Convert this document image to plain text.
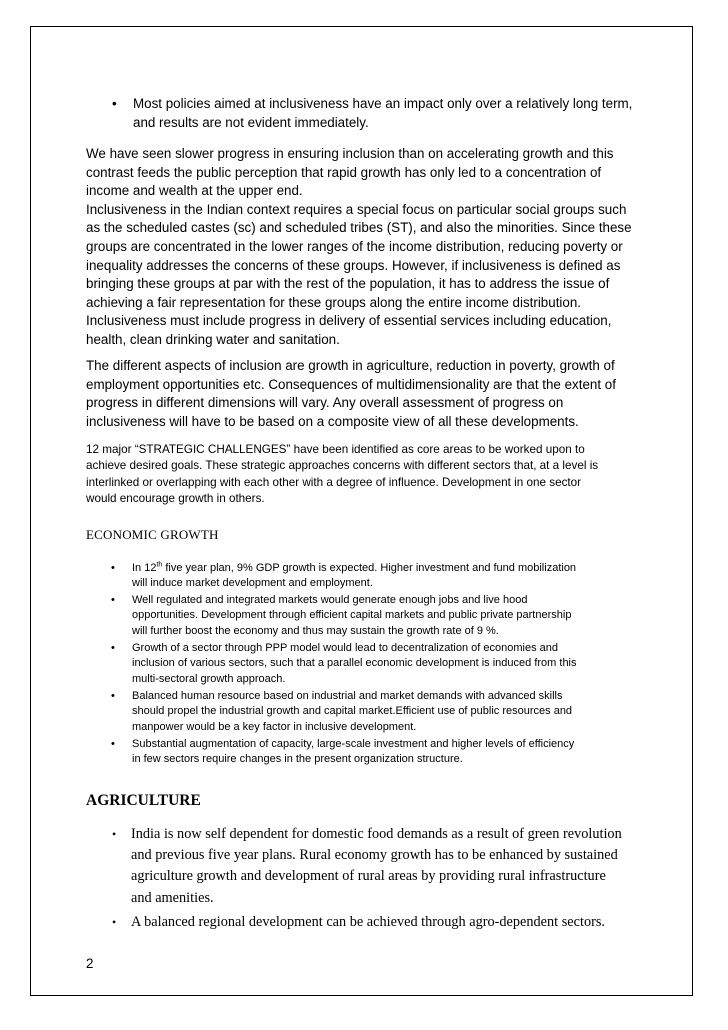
• Most policies aimed at inclusiveness have an impact only over a relatively long term, and results are not evident immediately.

We have seen slower progress in ensuring inclusion than on accelerating growth and this

contrast feeds the public perception that rapid growth has only led to a concentration of

income and wealth at the upper end.

Inclusiveness in the Indian context requires a special focus on particular social groups such

as the scheduled castes (sc) and scheduled tribes (ST), and also the minorities. Since these

groups are concentrated in the lower ranges of the income distribution, reducing poverty or

inequality addresses the concerns of these groups. However, if inclusiveness is defined as

bringing these groups at par with the rest of the population, it has to address the issue of

achieving a fair representation for these groups along the entire income distribution.

Inclusiveness must include progress in delivery of essential services including education,

health, clean drinking water and sanitation.

The different aspects of inclusion are growth in agriculture, reduction in poverty, growth of

employment opportunities etc. Consequences of multidimensionality are that the extent of

progress in different dimensions will vary. Any overall assessment of progress on

inclusiveness will have to be based on a composite view of all these developments.

12 major “STRATEGIC CHALLENGES” have been identified as core areas to be worked upon to

achieve desired goals. These strategic approaches concerns with different sectors that, at a level is

interlinked or overlapping with each other with a degree of influence. Development in one sector

would encourage growth in others.

ECONOMIC GROWTH
• In 12th five year plan, 9% GDP growth is expected. Higher investment and fund mobilization

will induce market development and employment.

• Well regulated and integrated markets would generate enough jobs and live hood

opportunities. Development through efficient capital markets and public private partnership

will further boost the economy and thus may sustain the growth rate of 9 %.

• Growth of a sector through PPP model would lead to decentralization of economies and

inclusion of various sectors, such that a parallel economic development is induced from this

multi-sectoral growth approach.

• Balanced human resource based on industrial and market demands with advanced skills

should propel the industrial growth and capital market.Efficient use of public resources and

manpower would be a key factor in inclusive development.

• Substantial augmentation of capacity, large-scale investment and higher levels of efficiency

in few sectors require changes in the present organization structure.

AGRICULTURE
• India is now self dependent for domestic food demands as a result of green revolution

and previous five year plans. Rural economy growth has to be enhanced by sustained

agriculture growth and development of rural areas by providing rural infrastructure

and amenities.

• A balanced regional development can be achieved through agro-dependent sectors.

2
